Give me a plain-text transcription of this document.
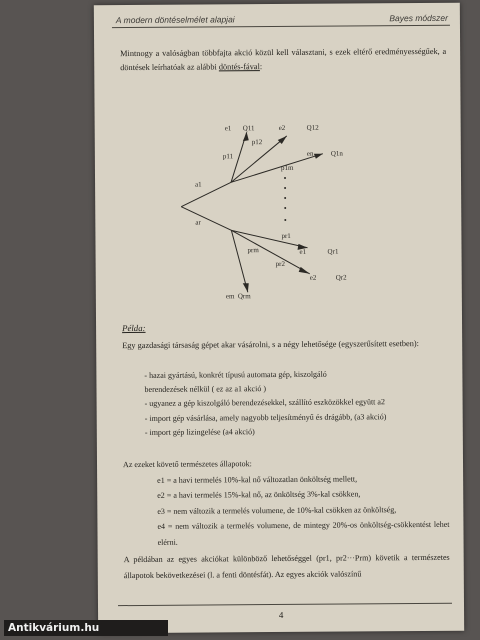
A modern döntéselmélet alapjai	Bayes módszer
Mintnogy a valóságban többfajta akció közül kell választani, s ezek eltérő eredményességűek, a döntések leírhatóak az alábbi döntés-fával:
e1 Q11
p12
e2	Q12
p11
p1m
en Q1n
a1
ar
pr1
e1	Qr1
prm
pr2
e2	Qr2
em Qrm
Példa:
Egy gazdasági társaság gépet akar vásárolni, s a négy lehetősége (egyszerűsített esetben):
- hazai gyártású, konkrét típusú automata gép, kiszolgáló
berendezések nélkül ( ez az a1 akció )
- ugyanez a gép kiszolgáló berendezésekkel, szállító eszközökkel együtt a2
- import gép vásárlása, amely nagyobb teljesítményű és drágább, (a3 akció)
- import gép lizingelése (a4 akció)
Az ezeket követő természetes állapotok:
e1 = a havi termelés 10%-kal nő változatlan önköltség mellett,
e2 = a havi termelés 15%-kal nő, az önköltség 3%-kal csökken,
e3 = nem változik a termelés volumene, de 10%-kal csökken az önköltség,
e4 = nem változik a termelés volumene, de mintegy 20%-os önköltség-csökkentést lehet elérni.
A példában az egyes akciókat különböző lehetőséggel (pr1, pr2···Prm) követik a természetes állapotok bekövetkezései (l. a fenti döntésfát). Az egyes akciók valószínű
4
Antikvárium.hu
